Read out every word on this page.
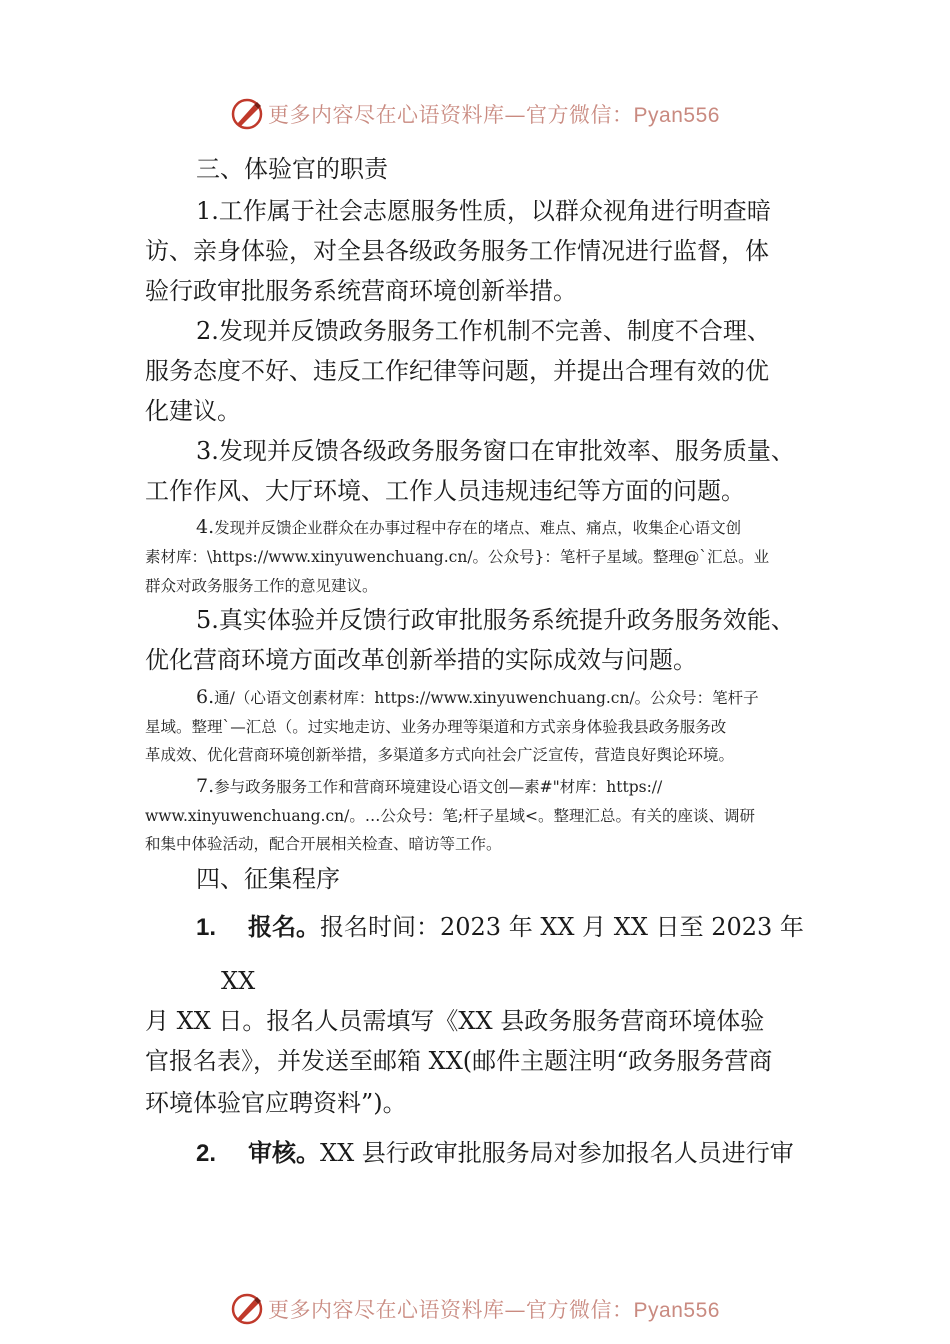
更多内容尽在心语资料库—官方微信：Pyan556
三、体验官的职责
1.工作属于社会志愿服务性质，以群众视角进行明查暗
访、亲身体验，对全县各级政务服务工作情况进行监督，体
验行政审批服务系统营商环境创新举措。
2.发现并反馈政务服务工作机制不完善、制度不合理、
服务态度不好、违反工作纪律等问题，并提出合理有效的优
化建议。
3.发现并反馈各级政务服务窗口在审批效率、服务质量、
工作作风、大厅环境、工作人员违规违纪等方面的问题。
4.发现并反馈企业群众在办事过程中存在的堵点、难点、痛点，收集企心语文创
素材库：\https://www.xinyuwenchuang.cn/。公众号}：笔杆子星域。整理@`汇总。业
群众对政务服务工作的意见建议。
5.真实体验并反馈行政审批服务系统提升政务服务效能、
优化营商环境方面改革创新举措的实际成效与问题。
6.通/（心语文创素材库：https://www.xinyuwenchuang.cn/。公众号：笔杆子
星域。整理`—汇总（。过实地走访、业务办理等渠道和方式亲身体验我县政务服务改
革成效、优化营商环境创新举措，多渠道多方式向社会广泛宣传，营造良好舆论环境。
7.参与政务服务工作和营商环境建设心语文创—素#"材库：https://
www.xinyuwenchuang.cn/。…公众号：笔;杆子星域<。整理汇总。有关的座谈、调研
和集中体验活动，配合开展相关检查、暗访等工作。
四、征集程序
1. 报名。报名时间：2023 年 XX 月 XX 日至 2023 年
XX
月 XX 日。报名人员需填写《XX 县政务服务营商环境体验
官报名表》，并发送至邮箱 XX(邮件主题注明“政务服务营商
环境体验官应聘资料”)。
2. 审核。XX 县行政审批服务局对参加报名人员进行审
更多内容尽在心语资料库—官方微信：Pyan556
